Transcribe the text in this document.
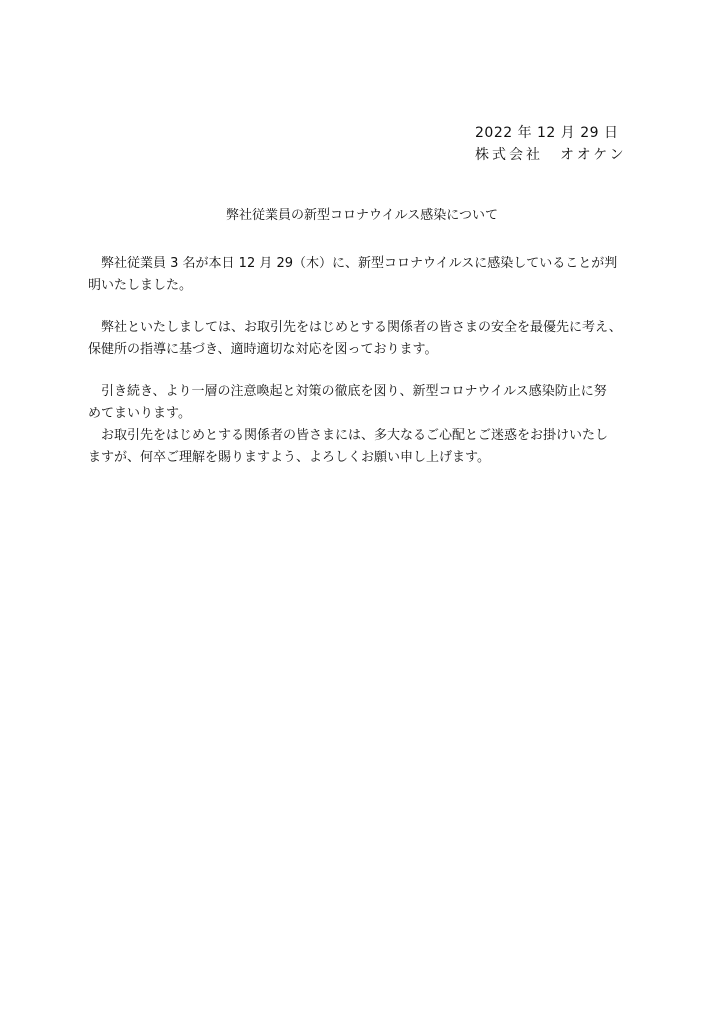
2022 年 12 月 29 日
株式会社　オオケン
弊社従業員の新型コロナウイルス感染について

　弊社従業員 3 名が本日 12 月 29（木）に、新型コロナウイルスに感染していることが判

明いたしました。

　弊社といたしましては、お取引先をはじめとする関係者の皆さまの安全を最優先に考え、

保健所の指導に基づき、適時適切な対応を図っております。

　引き続き、より一層の注意喚起と対策の徹底を図り、新型コロナウイルス感染防止に努

めてまいります。

　お取引先をはじめとする関係者の皆さまには、多大なるご心配とご迷惑をお掛けいたし

ますが、何卒ご理解を賜りますよう、よろしくお願い申し上げます。
